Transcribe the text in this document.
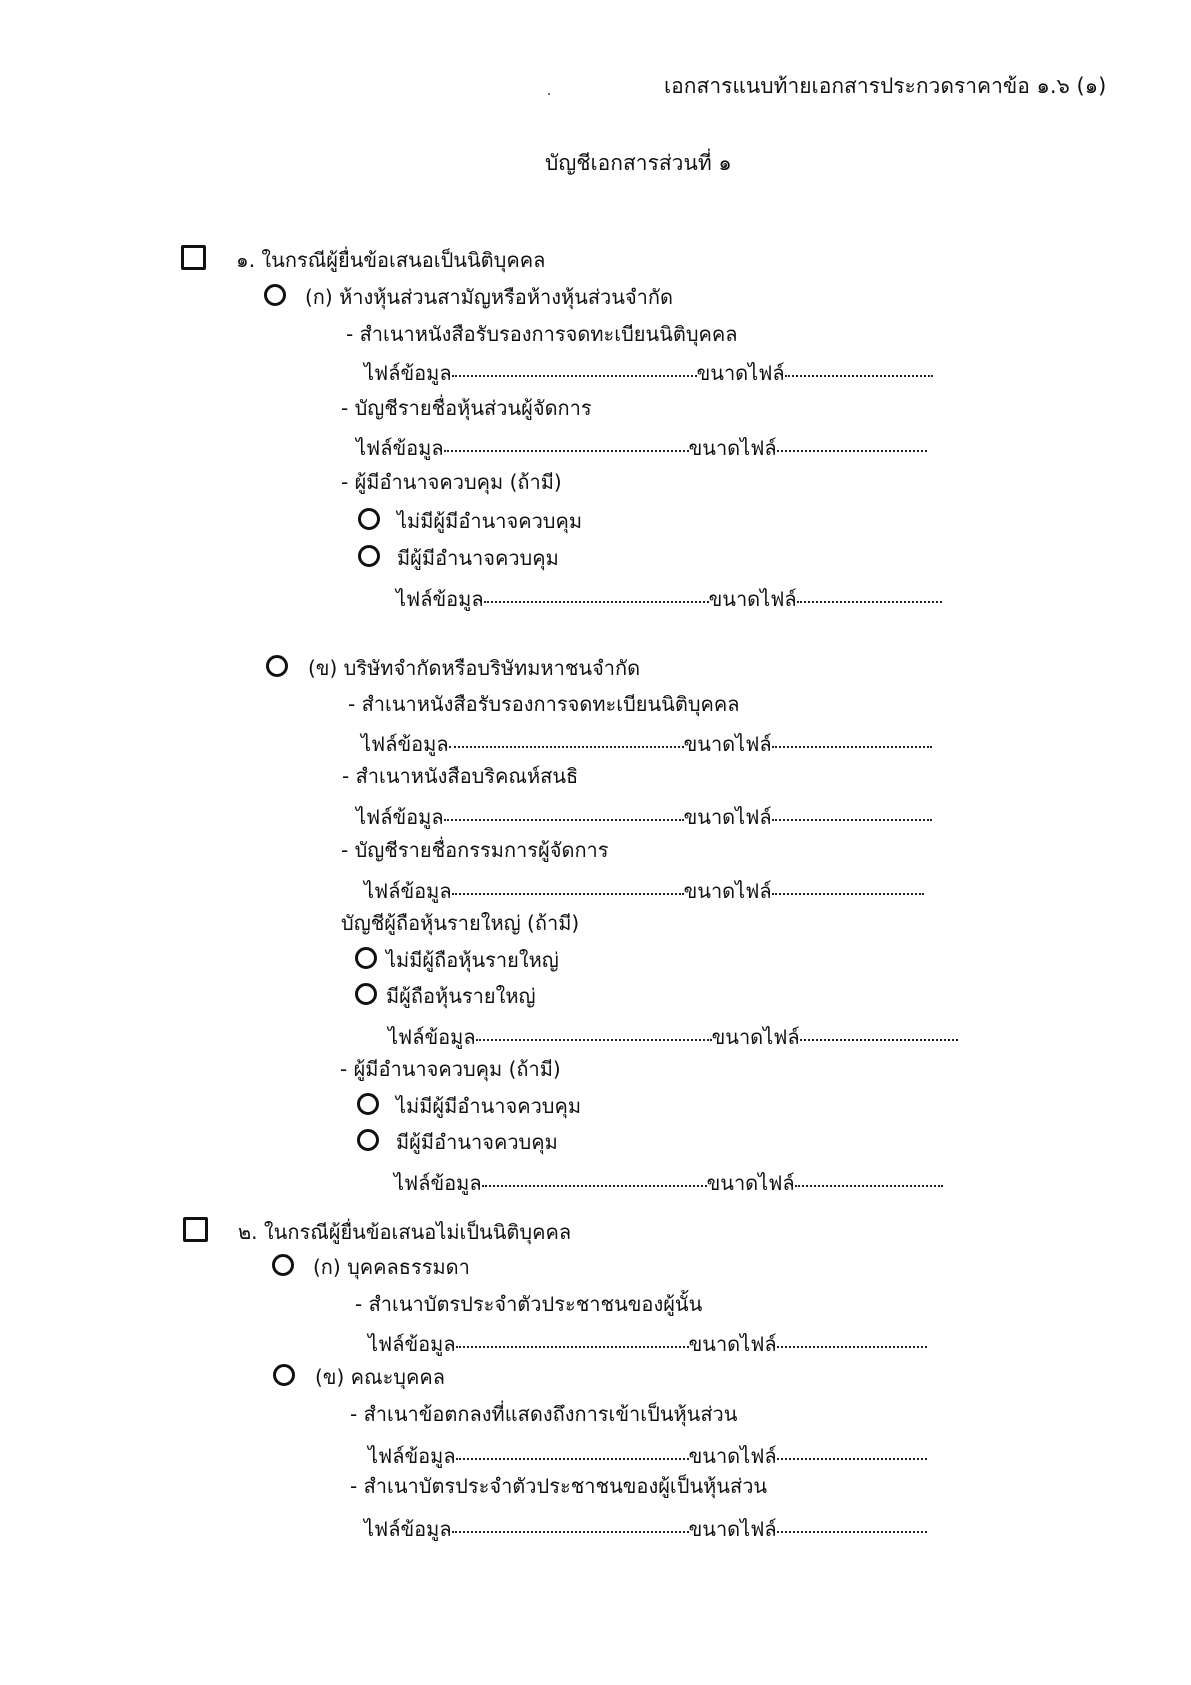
เอกสารแนบท้ายเอกสารประกวดราคาข้อ ๑.๖ (๑)
บัญชีเอกสารส่วนที่ ๑
๑. ในกรณีผู้ยื่นข้อเสนอเป็นนิติบุคคล
(ก) ห้างหุ้นส่วนสามัญหรือห้างหุ้นส่วนจำกัด
- สำเนาหนังสือรับรองการจดทะเบียนนิติบุคคล
ไฟล์ข้อมูล	ขนาดไฟล์
- บัญชีรายชื่อหุ้นส่วนผู้จัดการ
ไฟล์ข้อมูล	ขนาดไฟล์
- ผู้มีอำนาจควบคุม (ถ้ามี)
ไม่มีผู้มีอำนาจควบคุม
มีผู้มีอำนาจควบคุม
ไฟล์ข้อมูล	ขนาดไฟล์
(ข) บริษัทจำกัดหรือบริษัทมหาชนจำกัด
- สำเนาหนังสือรับรองการจดทะเบียนนิติบุคคล
ไฟล์ข้อมูล	ขนาดไฟล์
- สำเนาหนังสือบริคณห์สนธิ
ไฟล์ข้อมูล	ขนาดไฟล์
- บัญชีรายชื่อกรรมการผู้จัดการ
ไฟล์ข้อมูล	ขนาดไฟล์
บัญชีผู้ถือหุ้นรายใหญ่ (ถ้ามี)
ไม่มีผู้ถือหุ้นรายใหญ่
มีผู้ถือหุ้นรายใหญ่
ไฟล์ข้อมูล	ขนาดไฟล์
- ผู้มีอำนาจควบคุม (ถ้ามี)
ไม่มีผู้มีอำนาจควบคุม
มีผู้มีอำนาจควบคุม
ไฟล์ข้อมูล	ขนาดไฟล์
๒. ในกรณีผู้ยื่นข้อเสนอไม่เป็นนิติบุคคล
(ก) บุคคลธรรมดา
- สำเนาบัตรประจำตัวประชาชนของผู้นั้น
ไฟล์ข้อมูล	ขนาดไฟล์
(ข) คณะบุคคล
- สำเนาข้อตกลงที่แสดงถึงการเข้าเป็นหุ้นส่วน
ไฟล์ข้อมูล	ขนาดไฟล์
- สำเนาบัตรประจำตัวประชาชนของผู้เป็นหุ้นส่วน
ไฟล์ข้อมูล	ขนาดไฟล์
